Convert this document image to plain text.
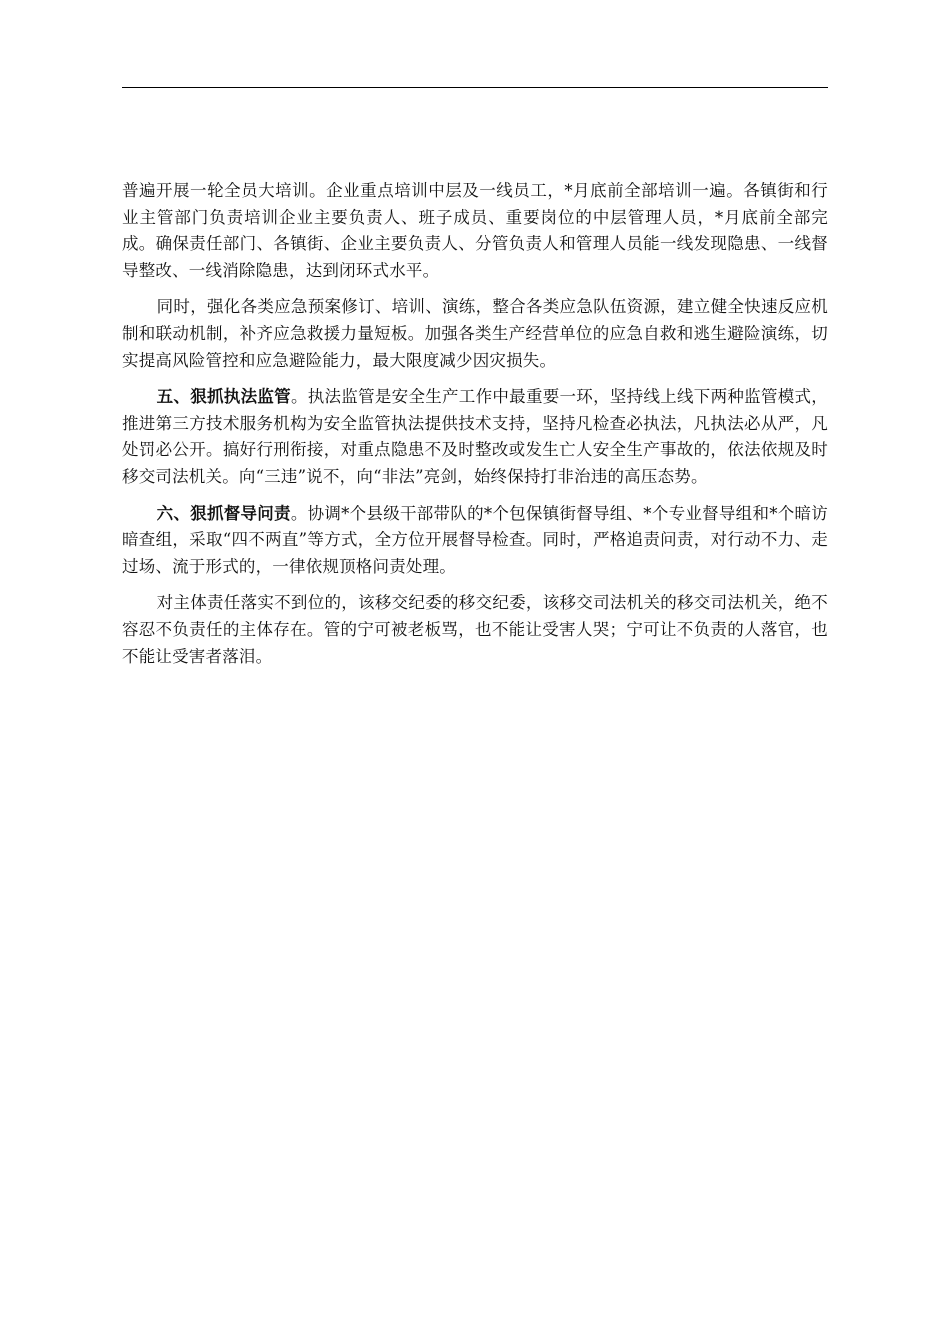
普遍开展一轮全员大培训。企业重点培训中层及一线员工，*月底前全部培训一遍。各镇街和行业主管部门负责培训企业主要负责人、班子成员、重要岗位的中层管理人员，*月底前全部完成。确保责任部门、各镇街、企业主要负责人、分管负责人和管理人员能一线发现隐患、一线督导整改、一线消除隐患，达到闭环式水平。

同时，强化各类应急预案修订、培训、演练，整合各类应急队伍资源，建立健全快速反应机制和联动机制，补齐应急救援力量短板。加强各类生产经营单位的应急自救和逃生避险演练，切实提高风险管控和应急避险能力，最大限度减少因灾损失。

五、狠抓执法监管。执法监管是安全生产工作中最重要一环，坚持线上线下两种监管模式，推进第三方技术服务机构为安全监管执法提供技术支持，坚持凡检查必执法，凡执法必从严，凡处罚必公开。搞好行刑衔接，对重点隐患不及时整改或发生亡人安全生产事故的，依法依规及时移交司法机关。向“三违”说不，向“非法”亮剑，始终保持打非治违的高压态势。

六、狠抓督导问责。协调*个县级干部带队的*个包保镇街督导组、*个专业督导组和*个暗访暗查组，采取“四不两直”等方式，全方位开展督导检查。同时，严格追责问责，对行动不力、走过场、流于形式的，一律依规顶格问责处理。

对主体责任落实不到位的，该移交纪委的移交纪委，该移交司法机关的移交司法机关，绝不容忍不负责任的主体存在。管的宁可被老板骂，也不能让受害人哭；宁可让不负责的人落官，也不能让受害者落泪。
